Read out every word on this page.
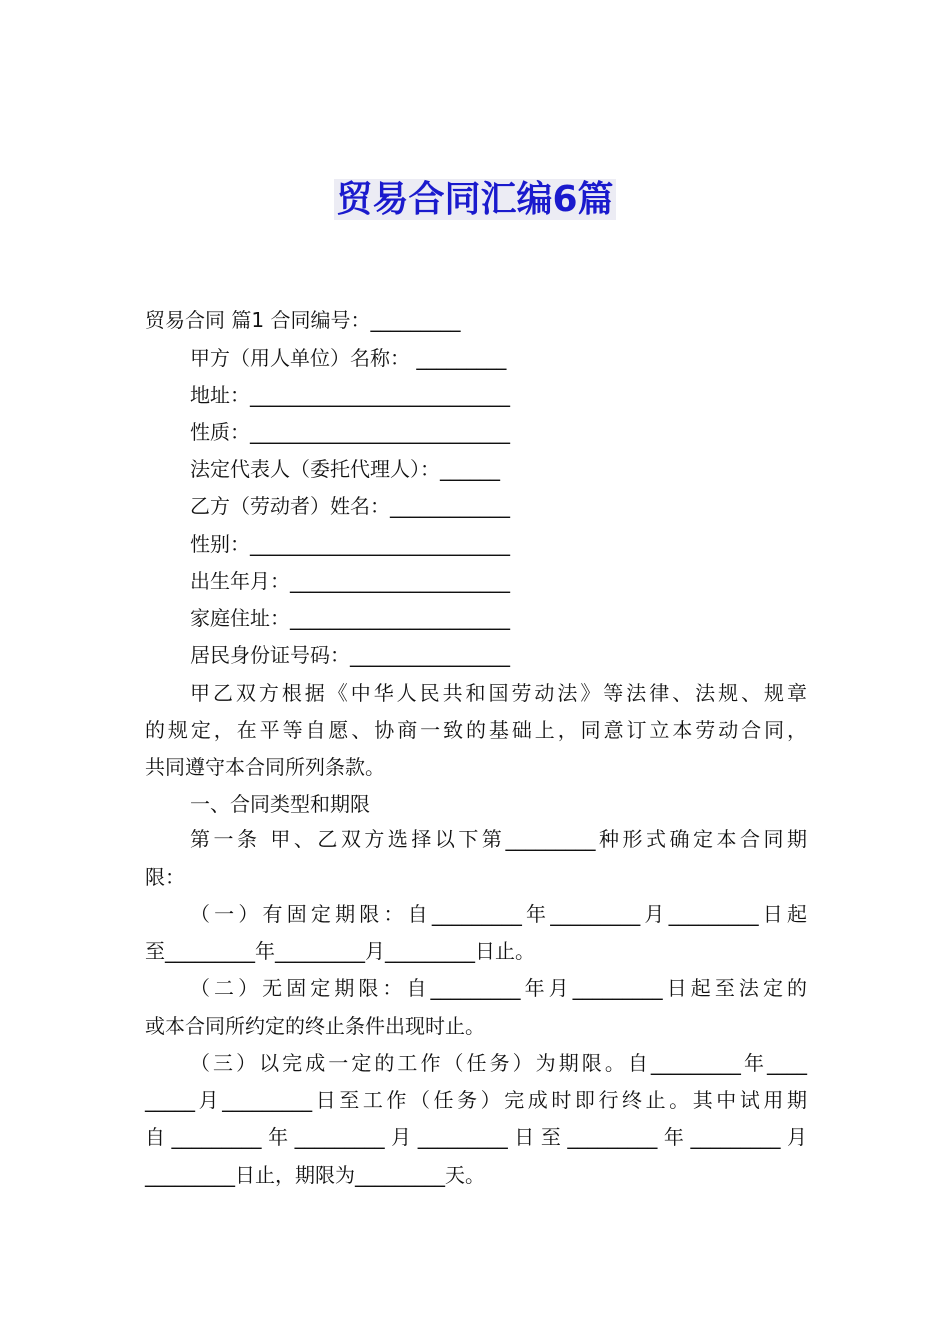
贸易合同汇编6篇
贸易合同 篇1 合同编号：_________
甲方（用人单位）名称： _________
地址：__________________________
性质：__________________________
法定代表人（委托代理人）：______
乙方（劳动者）姓名：____________
性别：__________________________
出生年月：______________________
家庭住址：______________________
居民身份证号码：________________
甲乙双方根据《中华人民共和国劳动法》等法律、法规、规章
的规定，在平等自愿、协商一致的基础上，同意订立本劳动合同，
共同遵守本合同所列条款。
一、合同类型和期限
第一条 甲、乙双方选择以下第_________种形式确定本合同期
限：
（一）有固定期限：自_________年_________月_________日起
至_________年_________月_________日止。
（二）无固定期限：自_________年月_________日起至法定的
或本合同所约定的终止条件出现时止。
（三）以完成一定的工作（任务）为期限。自_________年____
_____月_________日至工作（任务）完成时即行终止。其中试用期
自_________年_________月_________日至_________年_________月
_________日止，期限为_________天。
